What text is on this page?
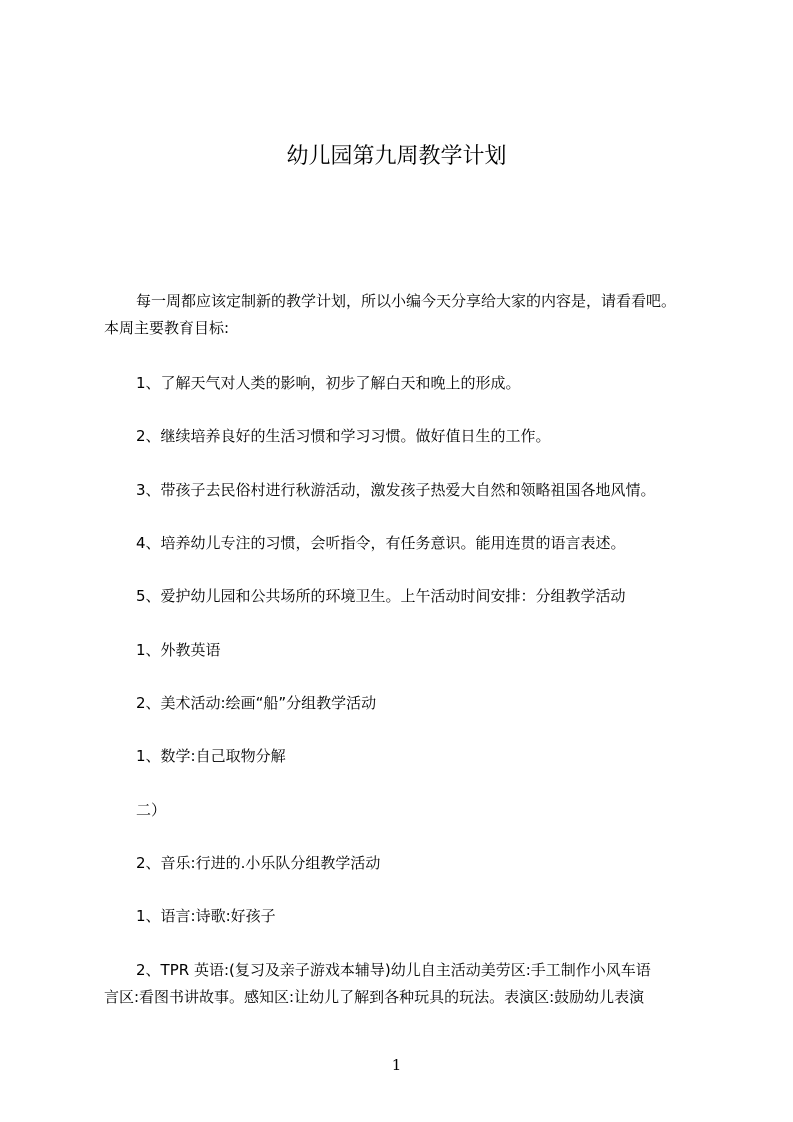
幼儿园第九周教学计划
每一周都应该定制新的教学计划，所以小编今天分享给大家的内容是，请看看吧。
本周主要教育目标:
1、了解天气对人类的影响，初步了解白天和晚上的形成。
2、继续培养良好的生活习惯和学习习惯。做好值日生的工作。
3、带孩子去民俗村进行秋游活动，激发孩子热爱大自然和领略祖国各地风情。
4、培养幼儿专注的习惯，会听指令，有任务意识。能用连贯的语言表述。
5、爱护幼儿园和公共场所的环境卫生。上午活动时间安排：分组教学活动
1、外教英语
2、美术活动:绘画“船”分组教学活动
1、数学:自己取物分解
二）
2、音乐:行进的.小乐队分组教学活动
1、语言:诗歌:好孩子
2、TPR 英语:(复习及亲子游戏本辅导)幼儿自主活动美劳区:手工制作小风车语
言区:看图书讲故事。感知区:让幼儿了解到各种玩具的玩法。表演区:鼓励幼儿表演
1
